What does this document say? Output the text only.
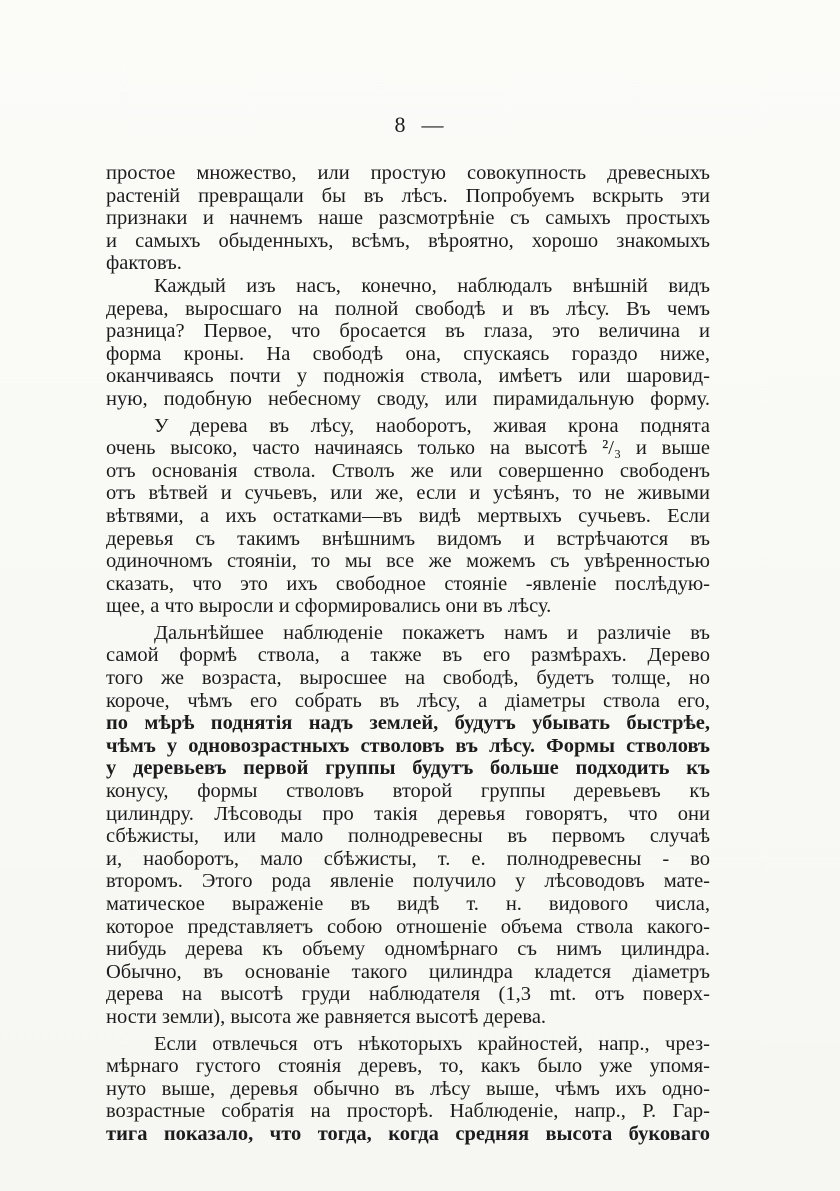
8 —
простое множество, или простую совокупность древесныхъ
растенiй превращали бы въ лѣсъ. Попробуемъ вскрыть эти
признаки и начнемъ наше разсмотрѣнiе съ самыхъ простыхъ
и самыхъ обыденныхъ, всѣмъ, вѣроятно, хорошо знакомыхъ
фактовъ.
Каждый изъ насъ, конечно, наблюдалъ внѣшнiй видъ
дерева, выросшаго на полной свободѣ и въ лѣсу. Въ чемъ
разница? Первое, что бросается въ глаза, это величина и
форма кроны. На свободѣ она, спускаясь гораздо ниже,
оканчиваясь почти у подножiя ствола, имѣетъ или шаровид-
ную, подобную небесному своду, или пирамидальную форму.
У дерева въ лѣсу, наоборотъ, живая крона поднята
очень высоко, часто начинаясь только на высотѣ ²/₃ и выше
отъ основанiя ствола. Стволъ же или совершенно свободенъ
отъ вѣтвей и сучьевъ, или же, если и усѣянъ, то не живыми
вѣтвями, а ихъ остатками—въ видѣ мертвыхъ сучьевъ. Если
деревья съ такимъ внѣшнимъ видомъ и встрѣчаются въ
одиночномъ стоянiи, то мы все же можемъ съ увѣренностью
сказать, что это ихъ свободное стоянiе -явленiе послѣдую-
щее, а что выросли и сформировались они въ лѣсу.
Дальнѣйшее наблюденiе покажетъ намъ и различiе въ
самой формѣ ствола, а также въ его размѣрахъ. Дерево
того же возраста, выросшее на свободѣ, будетъ толще, но
короче, чѣмъ его собрать въ лѣсу, а дiаметры ствола его,
по мѣрѣ поднятiя надъ землей, будутъ убывать быстрѣе,
чѣмъ у одновозрастныхъ стволовъ въ лѣсу. Формы стволовъ
у деревьевъ первой группы будутъ больше подходить къ
конусу, формы стволовъ второй группы деревьевъ къ
цилиндру. Лѣсоводы про такiя деревья говорятъ, что они
сбѣжисты, или мало полнодревесны въ первомъ случаѣ
и, наоборотъ, мало сбѣжисты, т. е. полнодревесны - во
второмъ. Этого рода явленiе получило у лѣсоводовъ мате-
матическое выраженiе въ видѣ т. н. видового числа,
которое представляетъ собою отношенiе объема ствола какого-
нибудь дерева къ объему одномѣрнаго съ нимъ цилиндра.
Обычно, въ основанiе такого цилиндра кладется дiаметръ
дерева на высотѣ груди наблюдателя (1,3 mt. отъ поверх-
ности земли), высота же равняется высотѣ дерева.
Если отвлечься отъ нѣкоторыхъ крайностей, напр., чрез-
мѣрнаго густого стоянiя деревъ, то, какъ было уже упомя-
нуто выше, деревья обычно въ лѣсу выше, чѣмъ ихъ одно-
возрастные собратiя на просторѣ. Наблюденiе, напр., Р. Гар-
тига показало, что тогда, когда средняя высота буковаго
